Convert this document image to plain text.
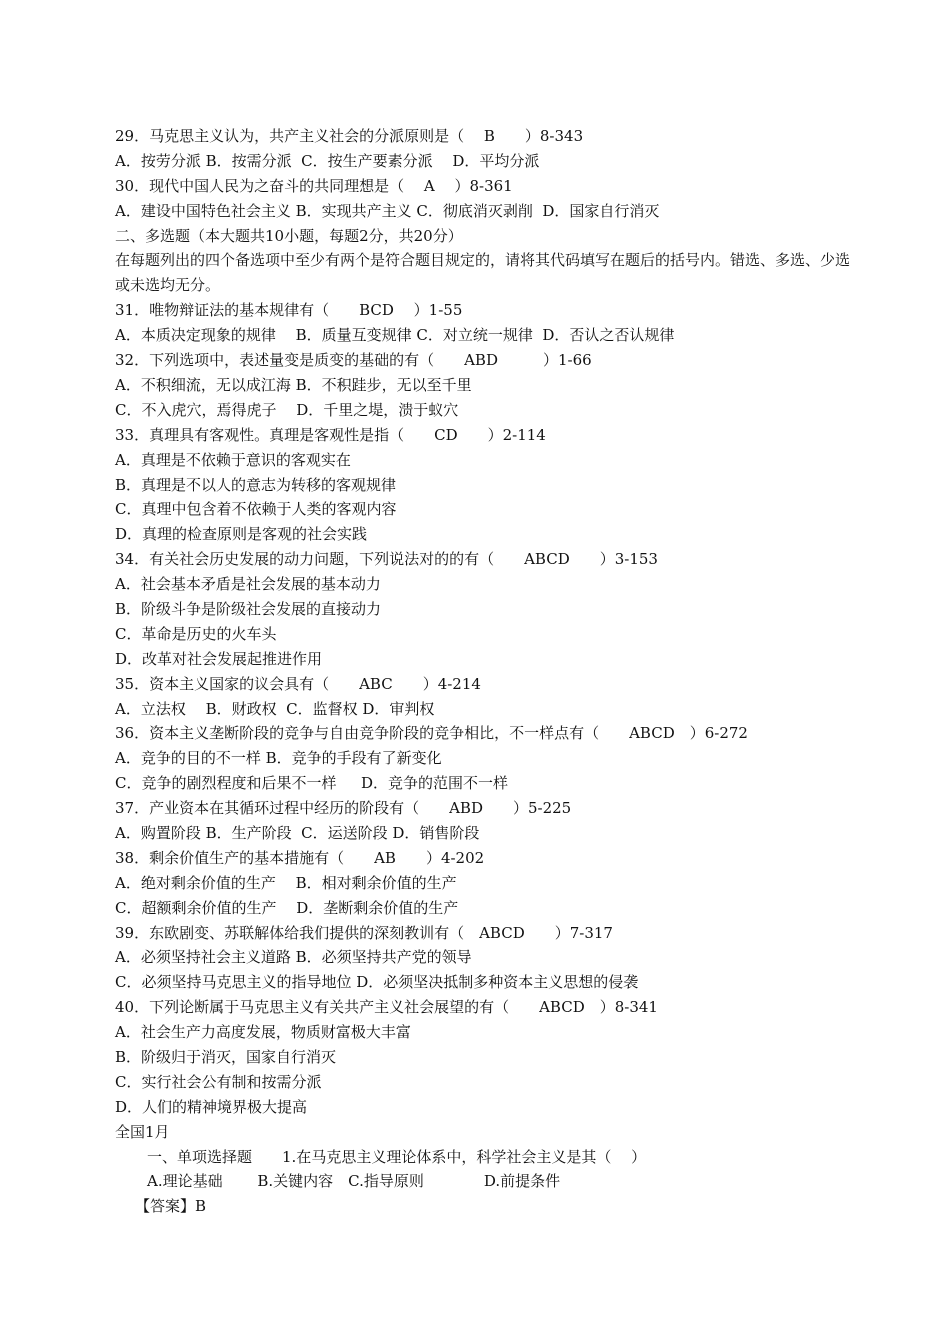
29．马克思主义认为，共产主义社会的分派原则是（　 B　　）8-343
A．按劳分派 B．按需分派  C．按生产要素分派 　D．平均分派
30．现代中国人民为之奋斗的共同理想是（　 A　 ）8-361
A．建设中国特色社会主义 B．实现共产主义 C．彻底消灭剥削  D．国家自行消灭
二、多选题（本大题共10小题，每题2分，共20分）
在每题列出的四个备选项中至少有两个是符合题目规定的，请将其代码填写在题后的括号内。错选、多选、少选或未选均无分。
31．唯物辩证法的基本规律有（　　BCD　 ）1-55
A．本质决定现象的规律 　B．质量互变规律 C．对立统一规律  D．否认之否认规律
32．下列选项中，表述量变是质变的基础的有（　　ABD　　　）1-66
A．不积细流，无以成江海 B．不积跬步，无以至千里
C．不入虎穴，焉得虎子 　D．千里之堤，溃于蚁穴
33．真理具有客观性。真理是客观性是指（　　CD　　）2-114
A．真理是不依赖于意识的客观实在
B．真理是不以人的意志为转移的客观规律
C．真理中包含着不依赖于人类的客观内容
D．真理的检查原则是客观的社会实践
34．有关社会历史发展的动力问题，下列说法对的的有（　　ABCD　　）3-153
A．社会基本矛盾是社会发展的基本动力
B．阶级斗争是阶级社会发展的直接动力
C．革命是历史的火车头
D．改革对社会发展起推进作用
35．资本主义国家的议会具有（　　ABC　　）4-214
A．立法权 　B．财政权  C．监督权 D．审判权
36．资本主义垄断阶段的竞争与自由竞争阶段的竞争相比，不一样点有（　　ABCD　）6-272
A．竞争的目的不一样 B．竞争的手段有了新变化
C．竞争的剧烈程度和后果不一样 　 D．竞争的范围不一样
37．产业资本在其循环过程中经历的阶段有（　　ABD　　）5-225
A．购置阶段 B．生产阶段  C．运送阶段 D．销售阶段
38．剩余价值生产的基本措施有（　　AB　　）4-202
A．绝对剩余价值的生产 　B．相对剩余价值的生产
C．超额剩余价值的生产 　D．垄断剩余价值的生产
39．东欧剧变、苏联解体给我们提供的深刻教训有（　ABCD　　）7-317
A．必须坚持社会主义道路 B．必须坚持共产党的领导
C．必须坚持马克思主义的指导地位 D．必须坚决抵制多种资本主义思想的侵袭
40．下列论断属于马克思主义有关共产主义社会展望的有（　　ABCD　）8-341
A．社会生产力高度发展，物质财富极大丰富
B．阶级归于消灭，国家自行消灭
C．实行社会公有制和按需分派
D．人们的精神境界极大提高
全国1月
一、单项选择题　　1.在马克思主义理论体系中，科学社会主义是其（　 ）
A.理论基础　　 B.关键内容　C.指导原则　　　　D.前提条件
【答案】B
